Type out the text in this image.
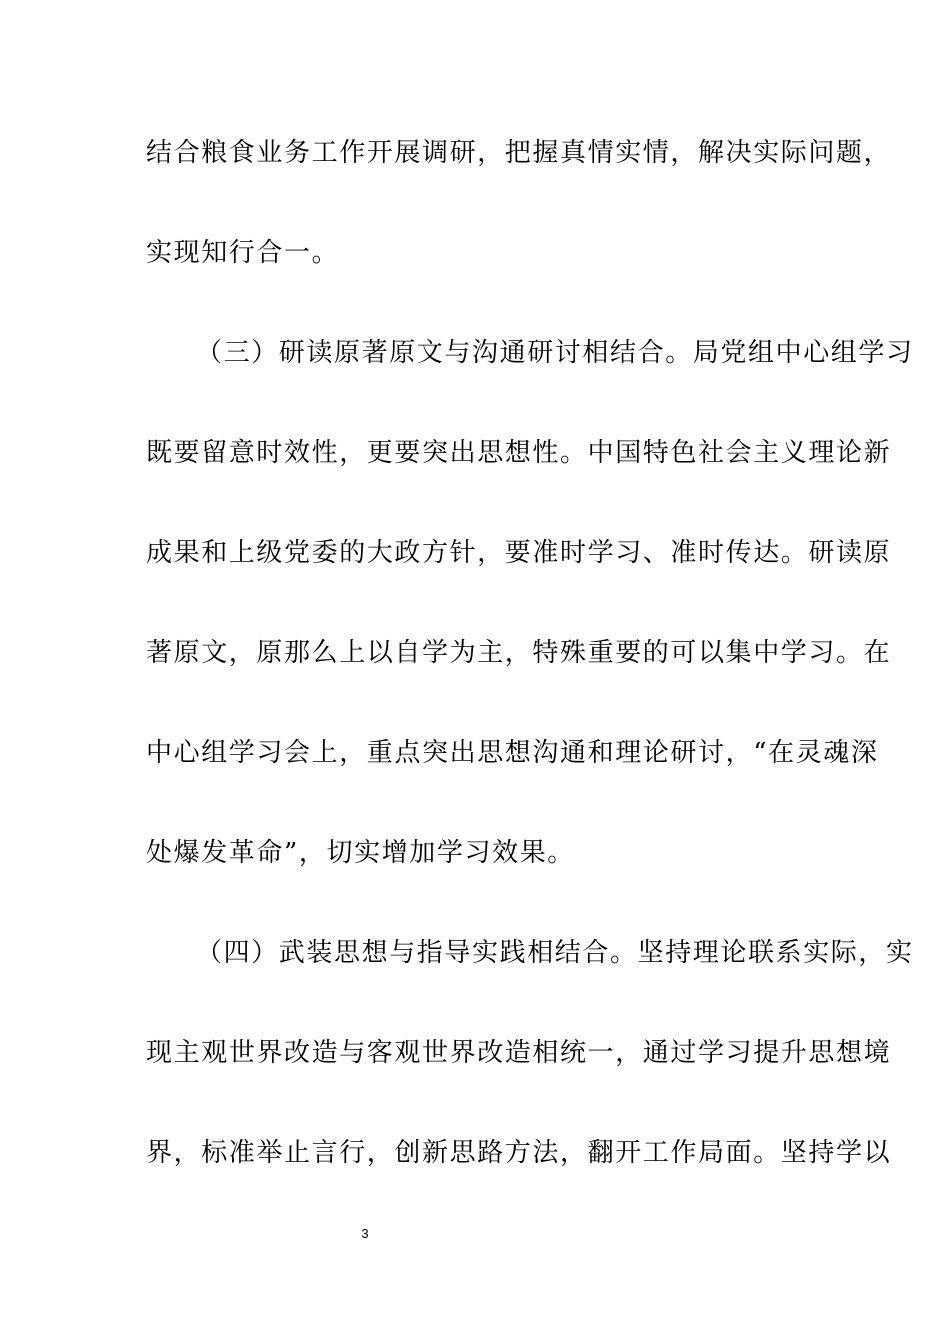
结合粮食业务工作开展调研，把握真情实情，解决实际问题，
实现知行合一。
（三）研读原著原文与沟通研讨相结合。局党组中心组学习
既要留意时效性，更要突出思想性。中国特色社会主义理论新
成果和上级党委的大政方针，要准时学习、准时传达。研读原
著原文，原那么上以自学为主，特殊重要的可以集中学习。在
中心组学习会上，重点突出思想沟通和理论研讨，“在灵魂深
处爆发革命”，切实增加学习效果。
（四）武装思想与指导实践相结合。坚持理论联系实际，实
现主观世界改造与客观世界改造相统一，通过学习提升思想境
界，标准举止言行，创新思路方法，翻开工作局面。坚持学以
3
